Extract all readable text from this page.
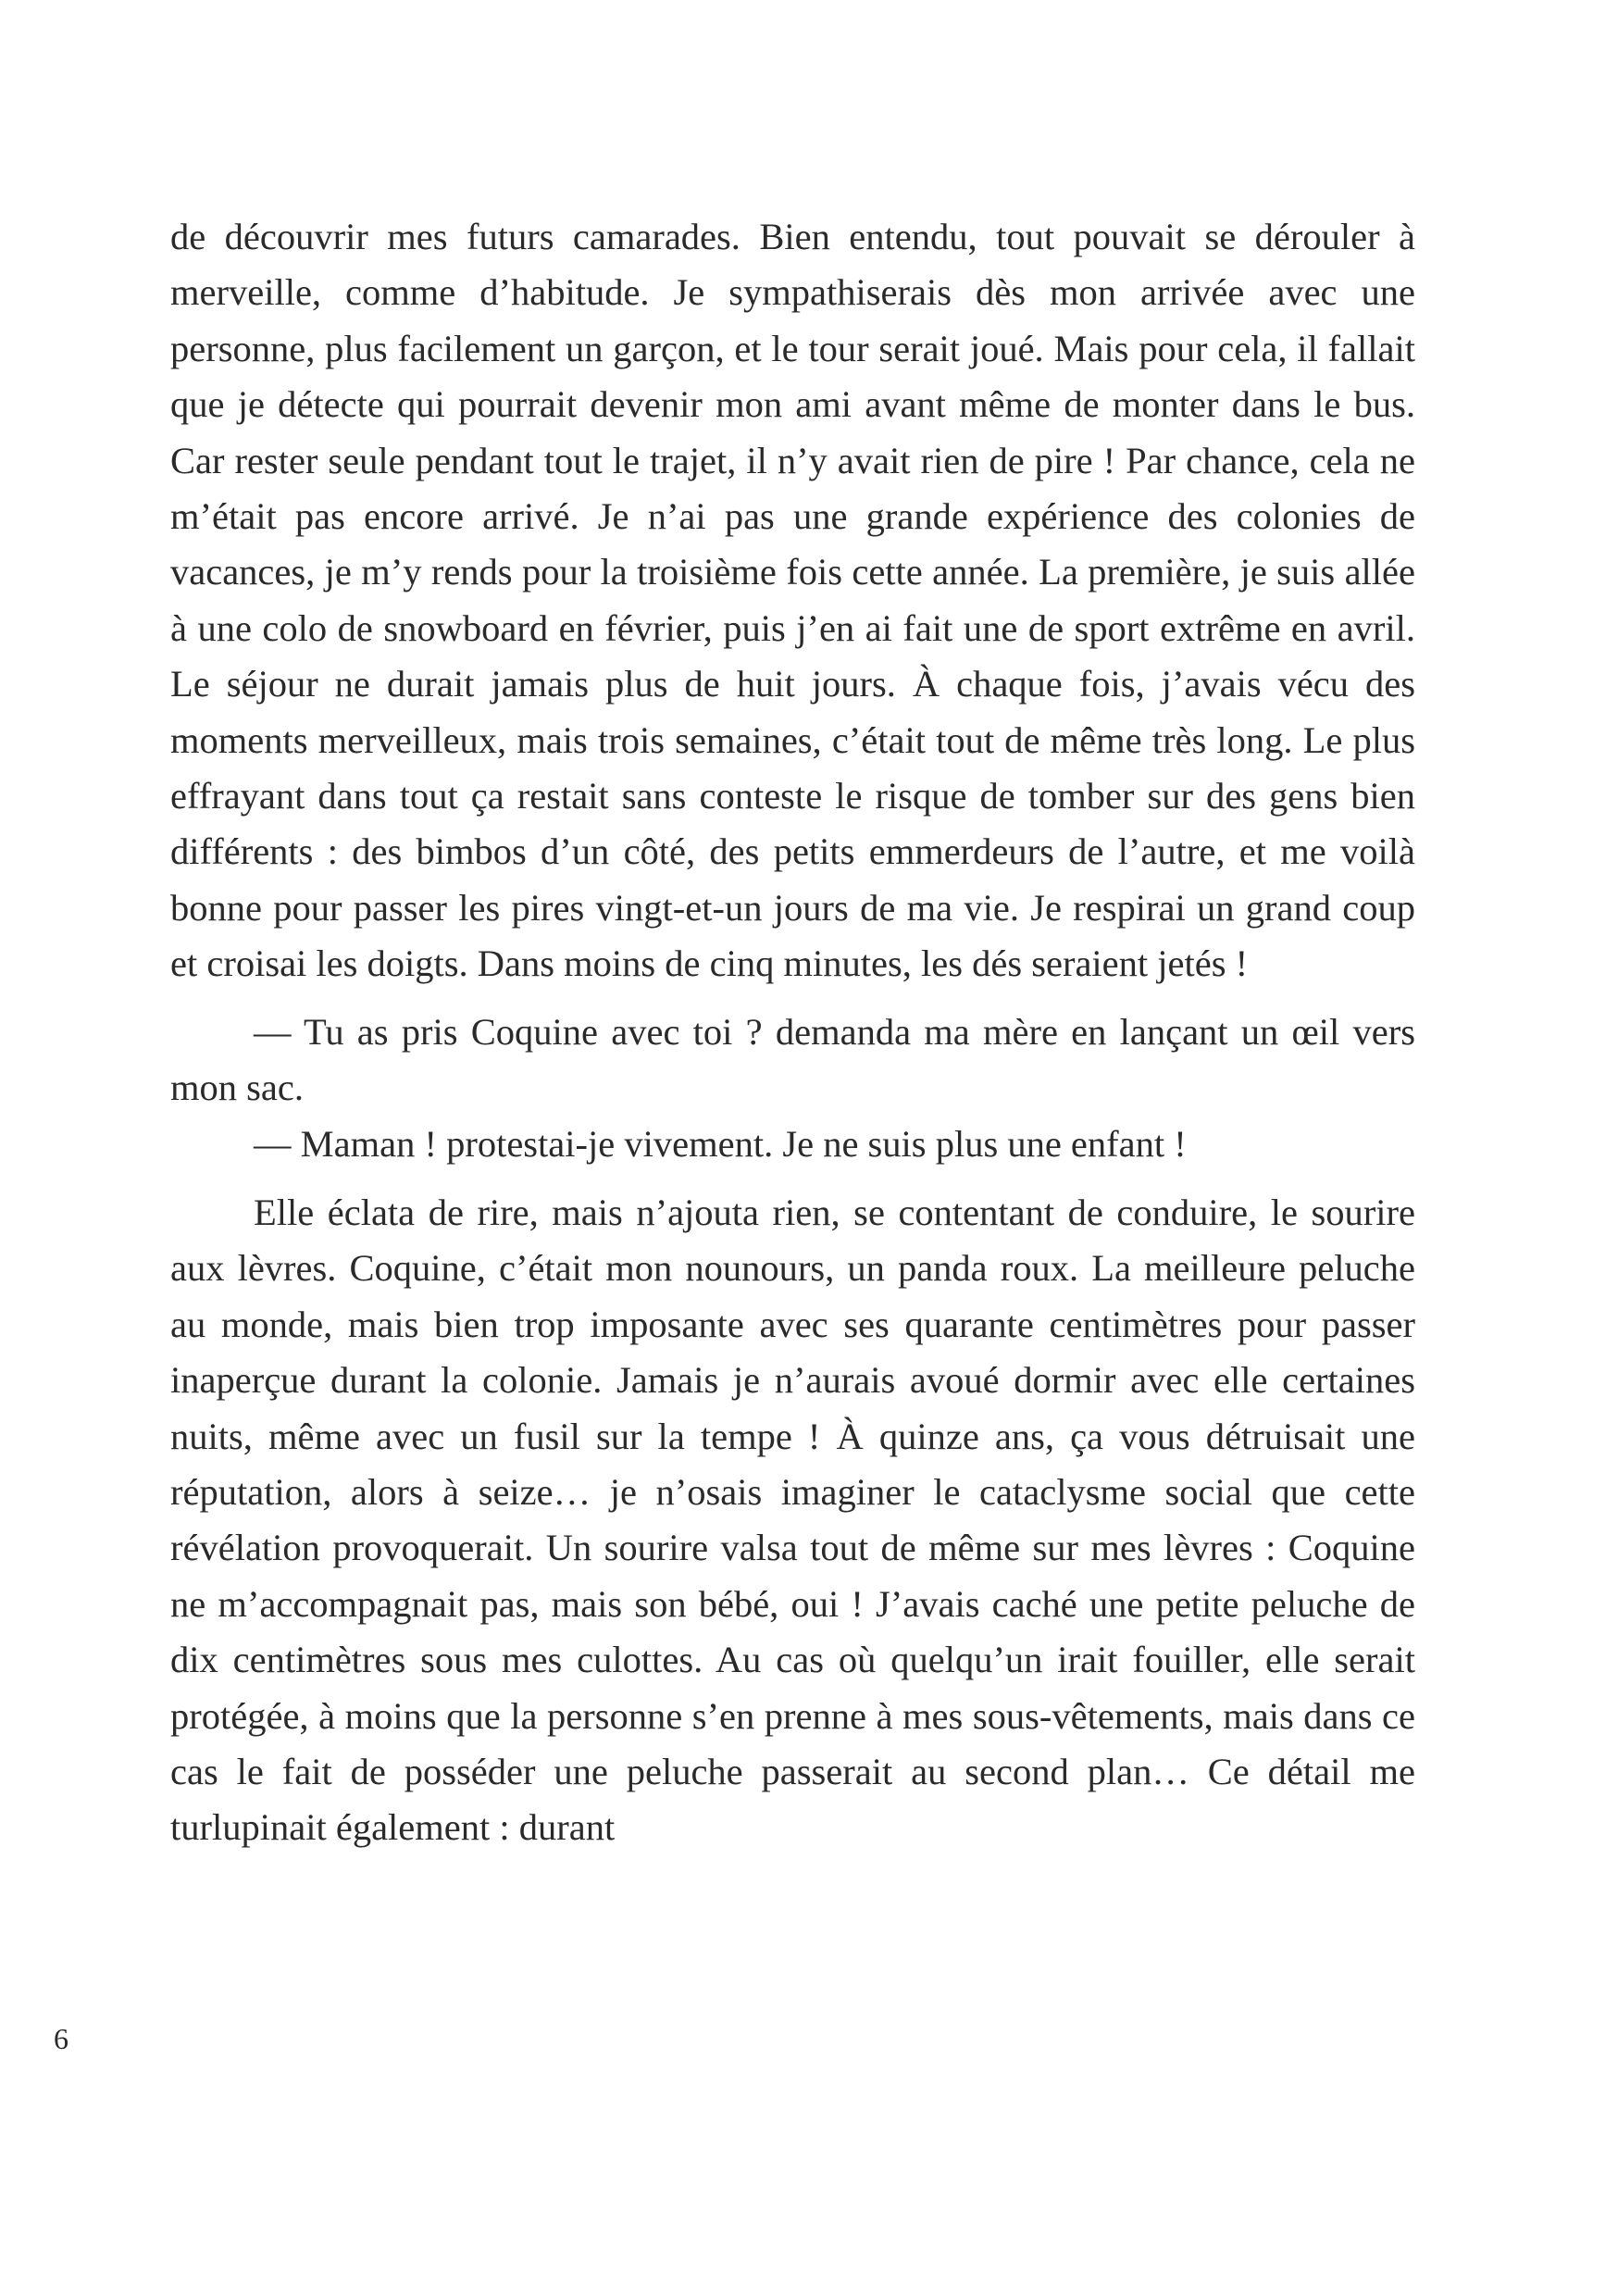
de découvrir mes futurs camarades. Bien entendu, tout pouvait se dérouler à merveille, comme d’habitude. Je sympathiserais dès mon arrivée avec une personne, plus facilement un garçon, et le tour serait joué. Mais pour cela, il fallait que je détecte qui pourrait devenir mon ami avant même de monter dans le bus. Car rester seule pendant tout le trajet, il n’y avait rien de pire ! Par chance, cela ne m’était pas encore arrivé. Je n’ai pas une grande expérience des colonies de vacances, je m’y rends pour la troisième fois cette année. La première, je suis allée à une colo de snowboard en février, puis j’en ai fait une de sport extrême en avril. Le séjour ne durait jamais plus de huit jours. À chaque fois, j’avais vécu des moments merveilleux, mais trois semaines, c’était tout de même très long. Le plus effrayant dans tout ça restait sans conteste le risque de tomber sur des gens bien différents : des bimbos d’un côté, des petits emmerdeurs de l’autre, et me voilà bonne pour passer les pires vingt-et-un jours de ma vie. Je respirai un grand coup et croisai les doigts. Dans moins de cinq minutes, les dés seraient jetés !

— Tu as pris Coquine avec toi ? demanda ma mère en lançant un œil vers mon sac.

— Maman ! protestai-je vivement. Je ne suis plus une enfant !

Elle éclata de rire, mais n’ajouta rien, se contentant de conduire, le sourire aux lèvres. Coquine, c’était mon nounours, un panda roux. La meilleure peluche au monde, mais bien trop imposante avec ses quarante centimètres pour passer inaperçue durant la colonie. Jamais je n’aurais avoué dormir avec elle certaines nuits, même avec un fusil sur la tempe ! À quinze ans, ça vous détruisait une réputation, alors à seize… je n’osais imaginer le cataclysme social que cette révélation provoquerait. Un sourire valsa tout de même sur mes lèvres : Coquine ne m’accompagnait pas, mais son bébé, oui ! J’avais caché une petite peluche de dix centimètres sous mes culottes. Au cas où quelqu’un irait fouiller, elle serait protégée, à moins que la personne s’en prenne à mes sous-vêtements, mais dans ce cas le fait de posséder une peluche passerait au second plan… Ce détail me turlupinait également : durant

6
